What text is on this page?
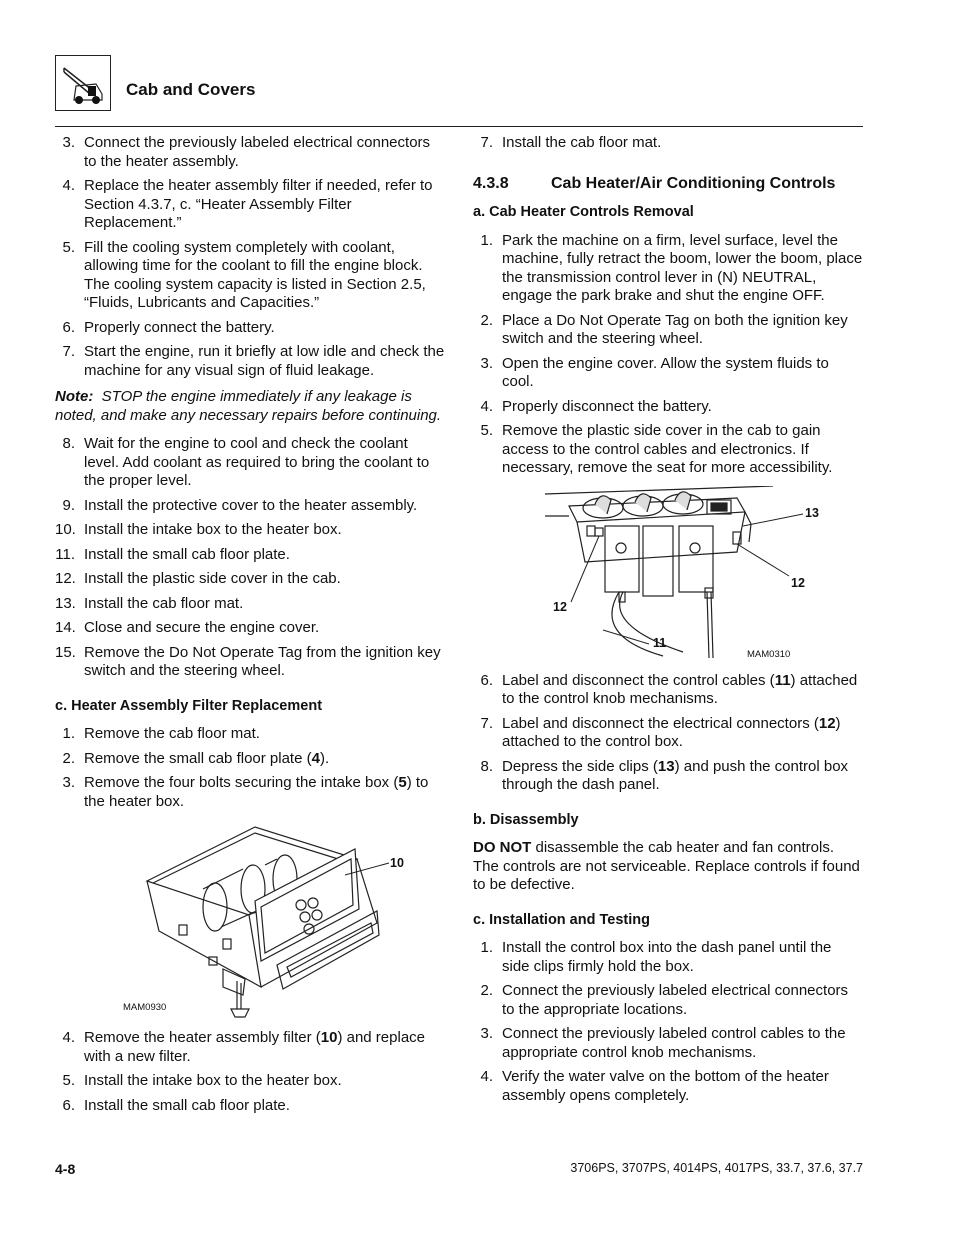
Cab and Covers
3. Connect the previously labeled electrical connectors to the heater assembly.
4. Replace the heater assembly filter if needed, refer to Section 4.3.7, c. “Heater Assembly Filter Replacement.”
5. Fill the cooling system completely with coolant, allowing time for the coolant to fill the engine block. The cooling system capacity is listed in Section 2.5, “Fluids, Lubricants and Capacities.”
6. Properly connect the battery.
7. Start the engine, run it briefly at low idle and check the machine for any visual sign of fluid leakage.
Note: STOP the engine immediately if any leakage is noted, and make any necessary repairs before continuing.
8. Wait for the engine to cool and check the coolant level. Add coolant as required to bring the coolant to the proper level.
9. Install the protective cover to the heater assembly.
10. Install the intake box to the heater box.
11. Install the small cab floor plate.
12. Install the plastic side cover in the cab.
13. Install the cab floor mat.
14. Close and secure the engine cover.
15. Remove the Do Not Operate Tag from the ignition key switch and the steering wheel.
c. Heater Assembly Filter Replacement
1. Remove the cab floor mat.
2. Remove the small cab floor plate (4).
3. Remove the four bolts securing the intake box (5) to the heater box.
10
MAM0930
4. Remove the heater assembly filter (10) and replace with a new filter.
5. Install the intake box to the heater box.
6. Install the small cab floor plate.
7. Install the cab floor mat.
4.3.8	Cab Heater/Air Conditioning Controls
a. Cab Heater Controls Removal
1. Park the machine on a firm, level surface, level the machine, fully retract the boom, lower the boom, place the transmission control lever in (N) NEUTRAL, engage the park brake and shut the engine OFF.
2. Place a Do Not Operate Tag on both the ignition key switch and the steering wheel.
3. Open the engine cover. Allow the system fluids to cool.
4. Properly disconnect the battery.
5. Remove the plastic side cover in the cab to gain access to the control cables and electronics. If necessary, remove the seat for more accessibility.
13
12
12
11
MAM0310
6. Label and disconnect the control cables (11) attached to the control knob mechanisms.
7. Label and disconnect the electrical connectors (12) attached to the control box.
8. Depress the side clips (13) and push the control box through the dash panel.
b. Disassembly
DO NOT disassemble the cab heater and fan controls. The controls are not serviceable. Replace controls if found to be defective.
c. Installation and Testing
1. Install the control box into the dash panel until the side clips firmly hold the box.
2. Connect the previously labeled electrical connectors to the appropriate locations.
3. Connect the previously labeled control cables to the appropriate control knob mechanisms.
4. Verify the water valve on the bottom of the heater assembly opens completely.
4-8	3706PS, 3707PS, 4014PS, 4017PS, 33.7, 37.6, 37.7
